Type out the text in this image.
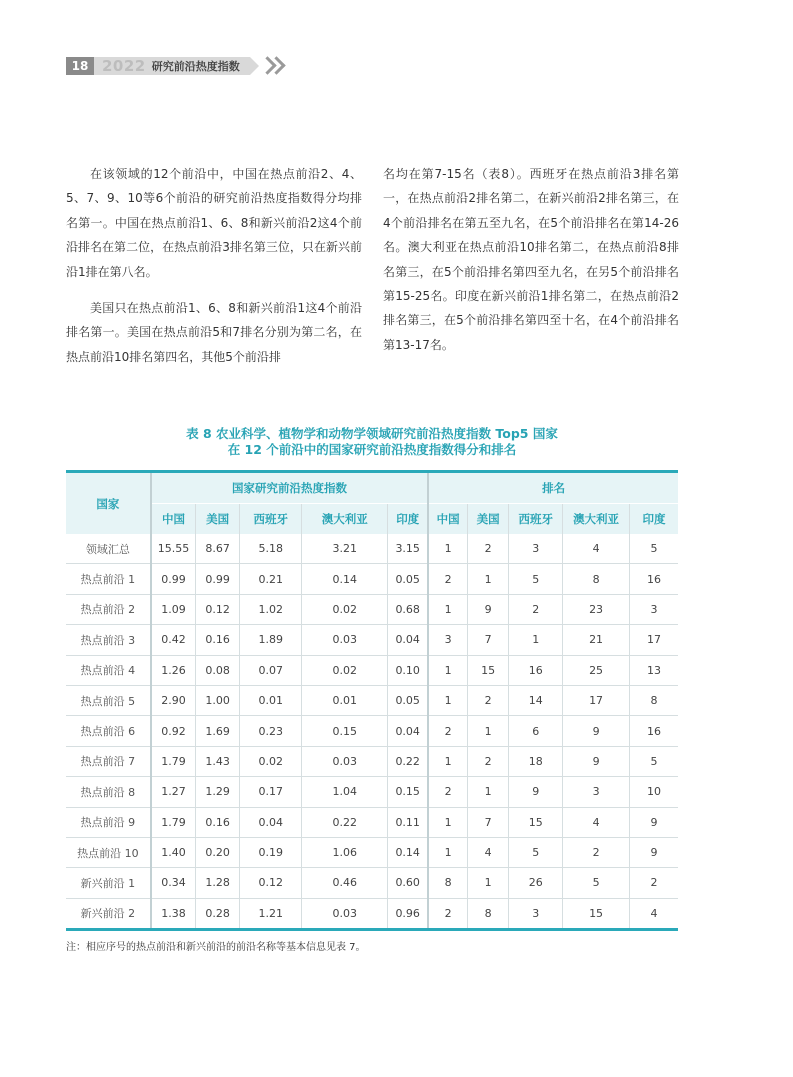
18 2022 研究前沿热度指数

在该领域的12个前沿中，中国在热点前沿2、4、5、7、9、10等6个前沿的研究前沿热度指数得分均排名第一。中国在热点前沿1、6、8和新兴前沿2这4个前沿排名在第二位，在热点前沿3排名第三位，只在新兴前沿1排在第八名。

美国只在热点前沿1、6、8和新兴前沿1这4个前沿排名第一。美国在热点前沿5和7排名分别为第二名，在热点前沿10排名第四名，其他5个前沿排

名均在第7-15名（表8）。西班牙在热点前沿3排名第一，在热点前沿2排名第二，在新兴前沿2排名第三，在4个前沿排名在第五至九名，在5个前沿排名在第14-26名。澳大利亚在热点前沿10排名第二，在热点前沿8排名第三，在5个前沿排名第四至九名，在另5个前沿排名第15-25名。印度在新兴前沿1排名第二，在热点前沿2排名第三，在5个前沿排名第四至十名，在4个前沿排名第13-17名。

表 8 农业科学、植物学和动物学领域研究前沿热度指数 Top5 国家
在 12 个前沿中的国家研究前沿热度指数得分和排名
国家	国家研究前沿热度指数					排名				
	中国	美国	西班牙	澳大利亚	印度	中国	美国	西班牙	澳大利亚	印度
领域汇总	15.55	8.67	5.18	3.21	3.15	1	2	3	4	5
热点前沿 1	0.99	0.99	0.21	0.14	0.05	2	1	5	8	16
热点前沿 2	1.09	0.12	1.02	0.02	0.68	1	9	2	23	3
热点前沿 3	0.42	0.16	1.89	0.03	0.04	3	7	1	21	17
热点前沿 4	1.26	0.08	0.07	0.02	0.10	1	15	16	25	13
热点前沿 5	2.90	1.00	0.01	0.01	0.05	1	2	14	17	8
热点前沿 6	0.92	1.69	0.23	0.15	0.04	2	1	6	9	16
热点前沿 7	1.79	1.43	0.02	0.03	0.22	1	2	18	9	5
热点前沿 8	1.27	1.29	0.17	1.04	0.15	2	1	9	3	10
热点前沿 9	1.79	0.16	0.04	0.22	0.11	1	7	15	4	9
热点前沿 10	1.40	0.20	0.19	1.06	0.14	1	4	5	2	9
新兴前沿 1	0.34	1.28	0.12	0.46	0.60	8	1	26	5	2
新兴前沿 2	1.38	0.28	1.21	0.03	0.96	2	8	3	15	4
注：相应序号的热点前沿和新兴前沿的前沿名称等基本信息见表 7。
